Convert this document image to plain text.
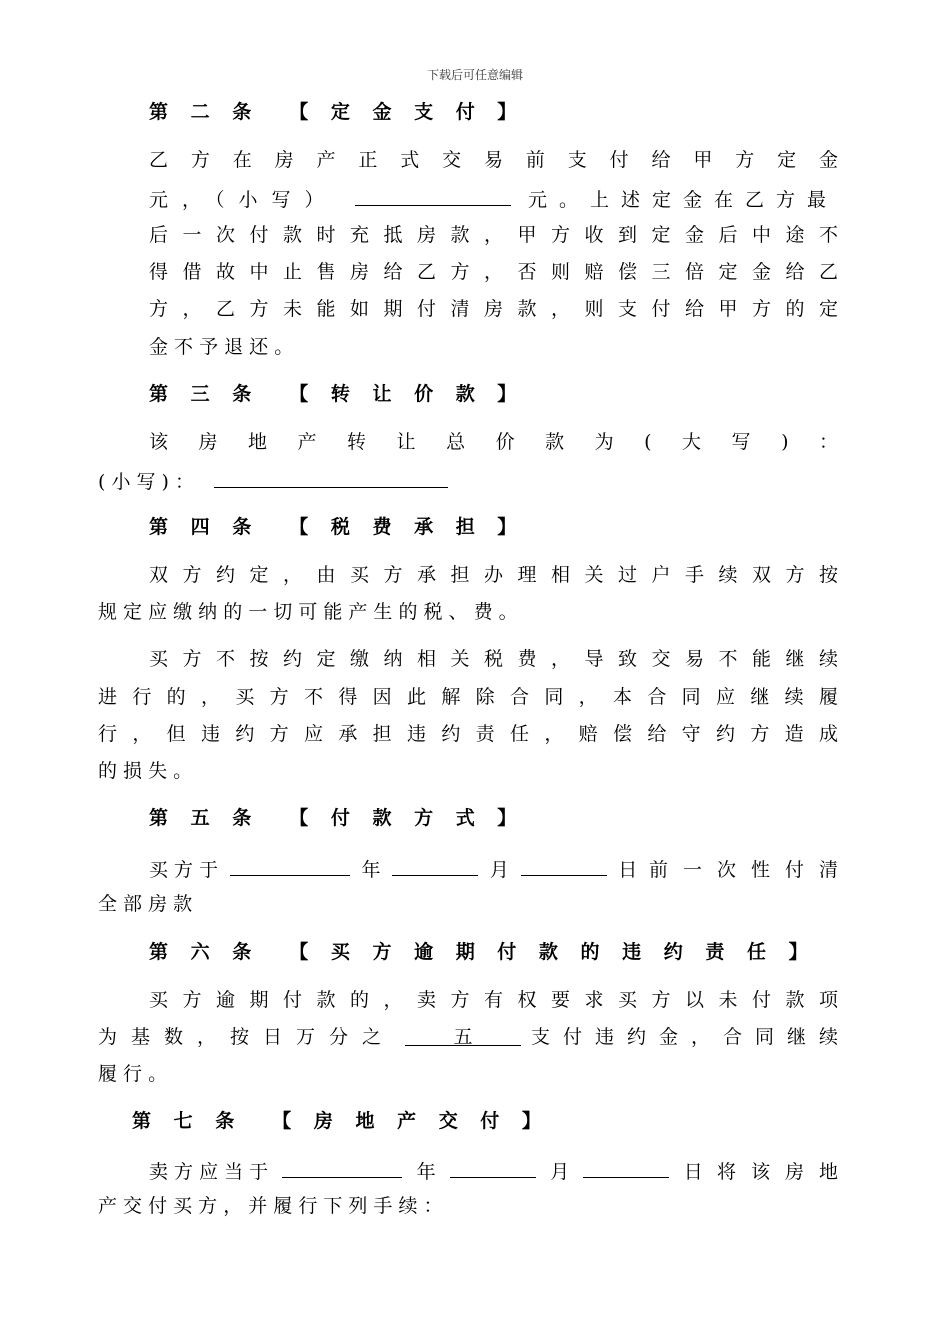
下载后可任意编辑
第 二 条 【 定 金 支 付 】
乙方在房产正式交易前支付给甲方定金
元，（小写）	元。上述定金在乙方最
后一次付款时充抵房款，甲方收到定金后中途不
得借故中止售房给乙方，否则赔偿三倍定金给乙
方，乙方未能如期付清房款，则支付给甲方的定
金 不 予 退 还 。
第 三 条 【 转 让 价 款 】
该房地产转让总价款为(大写)：
( 小 写 ) ：
第 四 条 【 税 费 承 担 】
双方约定，由买方承担办理相关过户手续双方按
规 定 应 缴 纳 的 一 切 可 能 产 生 的 税 、 费 。
买方不按约定缴纳相关税费，导致交易不能继续
进行的，买方不得因此解除合同，本合同应继续履
行，但违约方应承担违约责任，赔偿给守约方造成
的 损 失 。
第 五 条 【 付 款 方 式 】
买 方 于	年	月	日 前一次性付清
全 部 房 款
第 六 条 【 买 方 逾 期 付 款 的 违 约 责 任 】
买方逾期付款的，卖方有权要求买方以未付款项
为基数，按日万分之	五	支付违约金，合同继续
履 行 。
第 七 条 【 房 地 产 交 付 】
卖 方 应 当 于	年	月	日 将该房地
产 交 付 买 方 ， 并 履 行 下 列 手 续 ：
